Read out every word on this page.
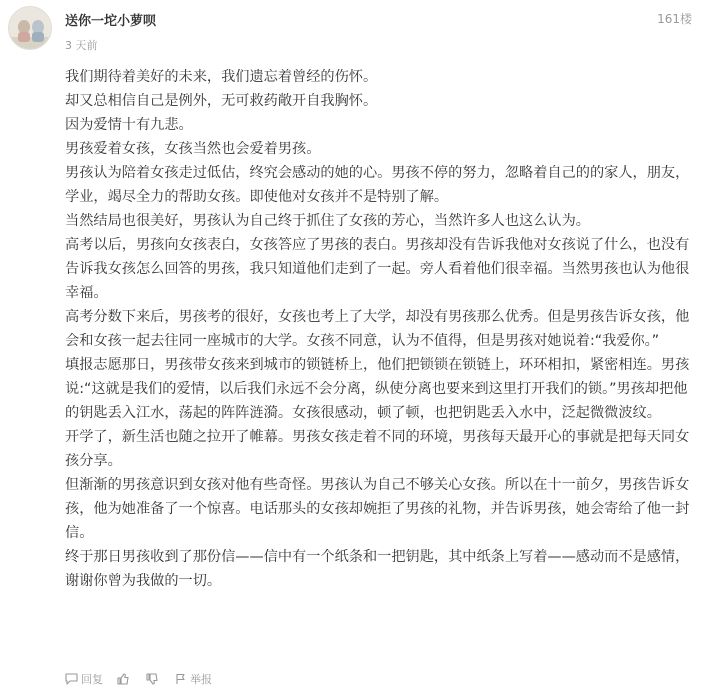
送你一坨小萝呗
3 天前
161楼

我们期待着美好的未来，我们遗忘着曾经的伤怀。

却又总相信自己是例外，无可救药敞开自我胸怀。

因为爱情十有九悲。

男孩爱着女孩，女孩当然也会爱着男孩。

男孩认为陪着女孩走过低估，终究会感动的她的心。男孩不停的努力，忽略着自己的的家人，朋友，学业，竭尽全力的帮助女孩。即使他对女孩并不是特别了解。

当然结局也很美好，男孩认为自己终于抓住了女孩的芳心，当然许多人也这么认为。

高考以后，男孩向女孩表白，女孩答应了男孩的表白。男孩却没有告诉我他对女孩说了什么，也没有告诉我女孩怎么回答的男孩，我只知道他们走到了一起。旁人看着他们很幸福。当然男孩也认为他很幸福。

高考分数下来后，男孩考的很好，女孩也考上了大学，却没有男孩那么优秀。但是男孩告诉女孩，他会和女孩一起去往同一座城市的大学。女孩不同意，认为不值得，但是男孩对她说着:“我爱你。”

填报志愿那日，男孩带女孩来到城市的锁链桥上，他们把锁锁在锁链上，环环相扣，紧密相连。男孩说:“这就是我们的爱情，以后我们永远不会分离，纵使分离也要来到这里打开我们的锁。”男孩却把他的钥匙丢入江水，荡起的阵阵涟漪。女孩很感动，顿了顿，也把钥匙丢入水中，泛起微微波纹。

开学了，新生活也随之拉开了帷幕。男孩女孩走着不同的环境，男孩每天最开心的事就是把每天同女孩分享。

但渐渐的男孩意识到女孩对他有些奇怪。男孩认为自己不够关心女孩。所以在十一前夕，男孩告诉女孩，他为她准备了一个惊喜。电话那头的女孩却婉拒了男孩的礼物，并告诉男孩，她会寄给了他一封信。

终于那日男孩收到了那份信——信中有一个纸条和一把钥匙，其中纸条上写着——感动而不是感情，谢谢你曾为我做的一切。

回复	举报
